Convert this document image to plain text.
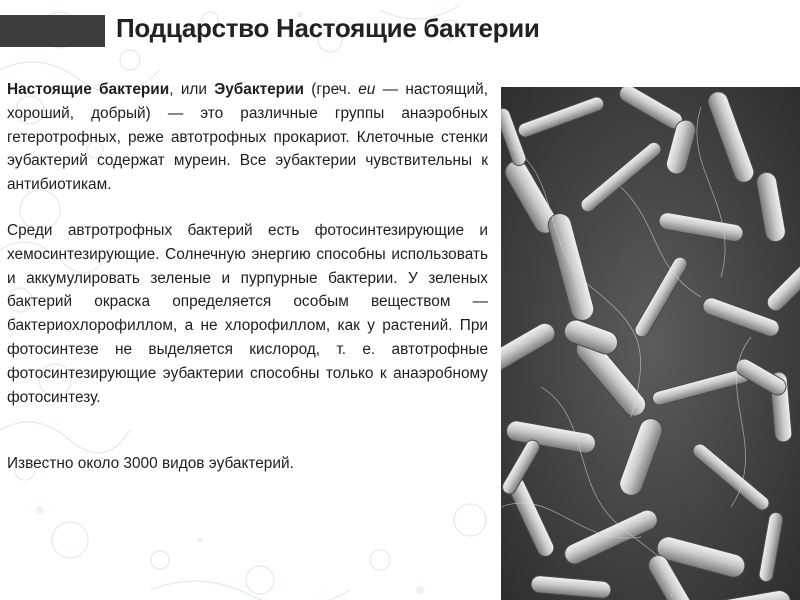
Подцарство Настоящие бактерии
Настоящие бактерии, или Эубактерии (греч. eu — настоящий, хороший, добрый) — это различные группы анаэробных гетеротрофных, реже автотрофных прокариот. Клеточные стенки эубактерий содержат муреин. Все эубактерии чувствительны к антибиотикам.
Среди автротрофных бактерий есть фотосинтезирующие и хемосинтезирующие. Солнечную энергию способны использовать и аккумулировать зеленые и пурпурные бактерии. У зеленых бактерий окраска определяется особым веществом — бактериохлорофиллом, а не хлорофиллом, как у растений. При фотосинтезе не выделяется кислород, т. е. автотрофные фотосинтезирующие эубактерии способны только к анаэробному фотосинтезу.
Известно около 3000 видов эубактерий.
